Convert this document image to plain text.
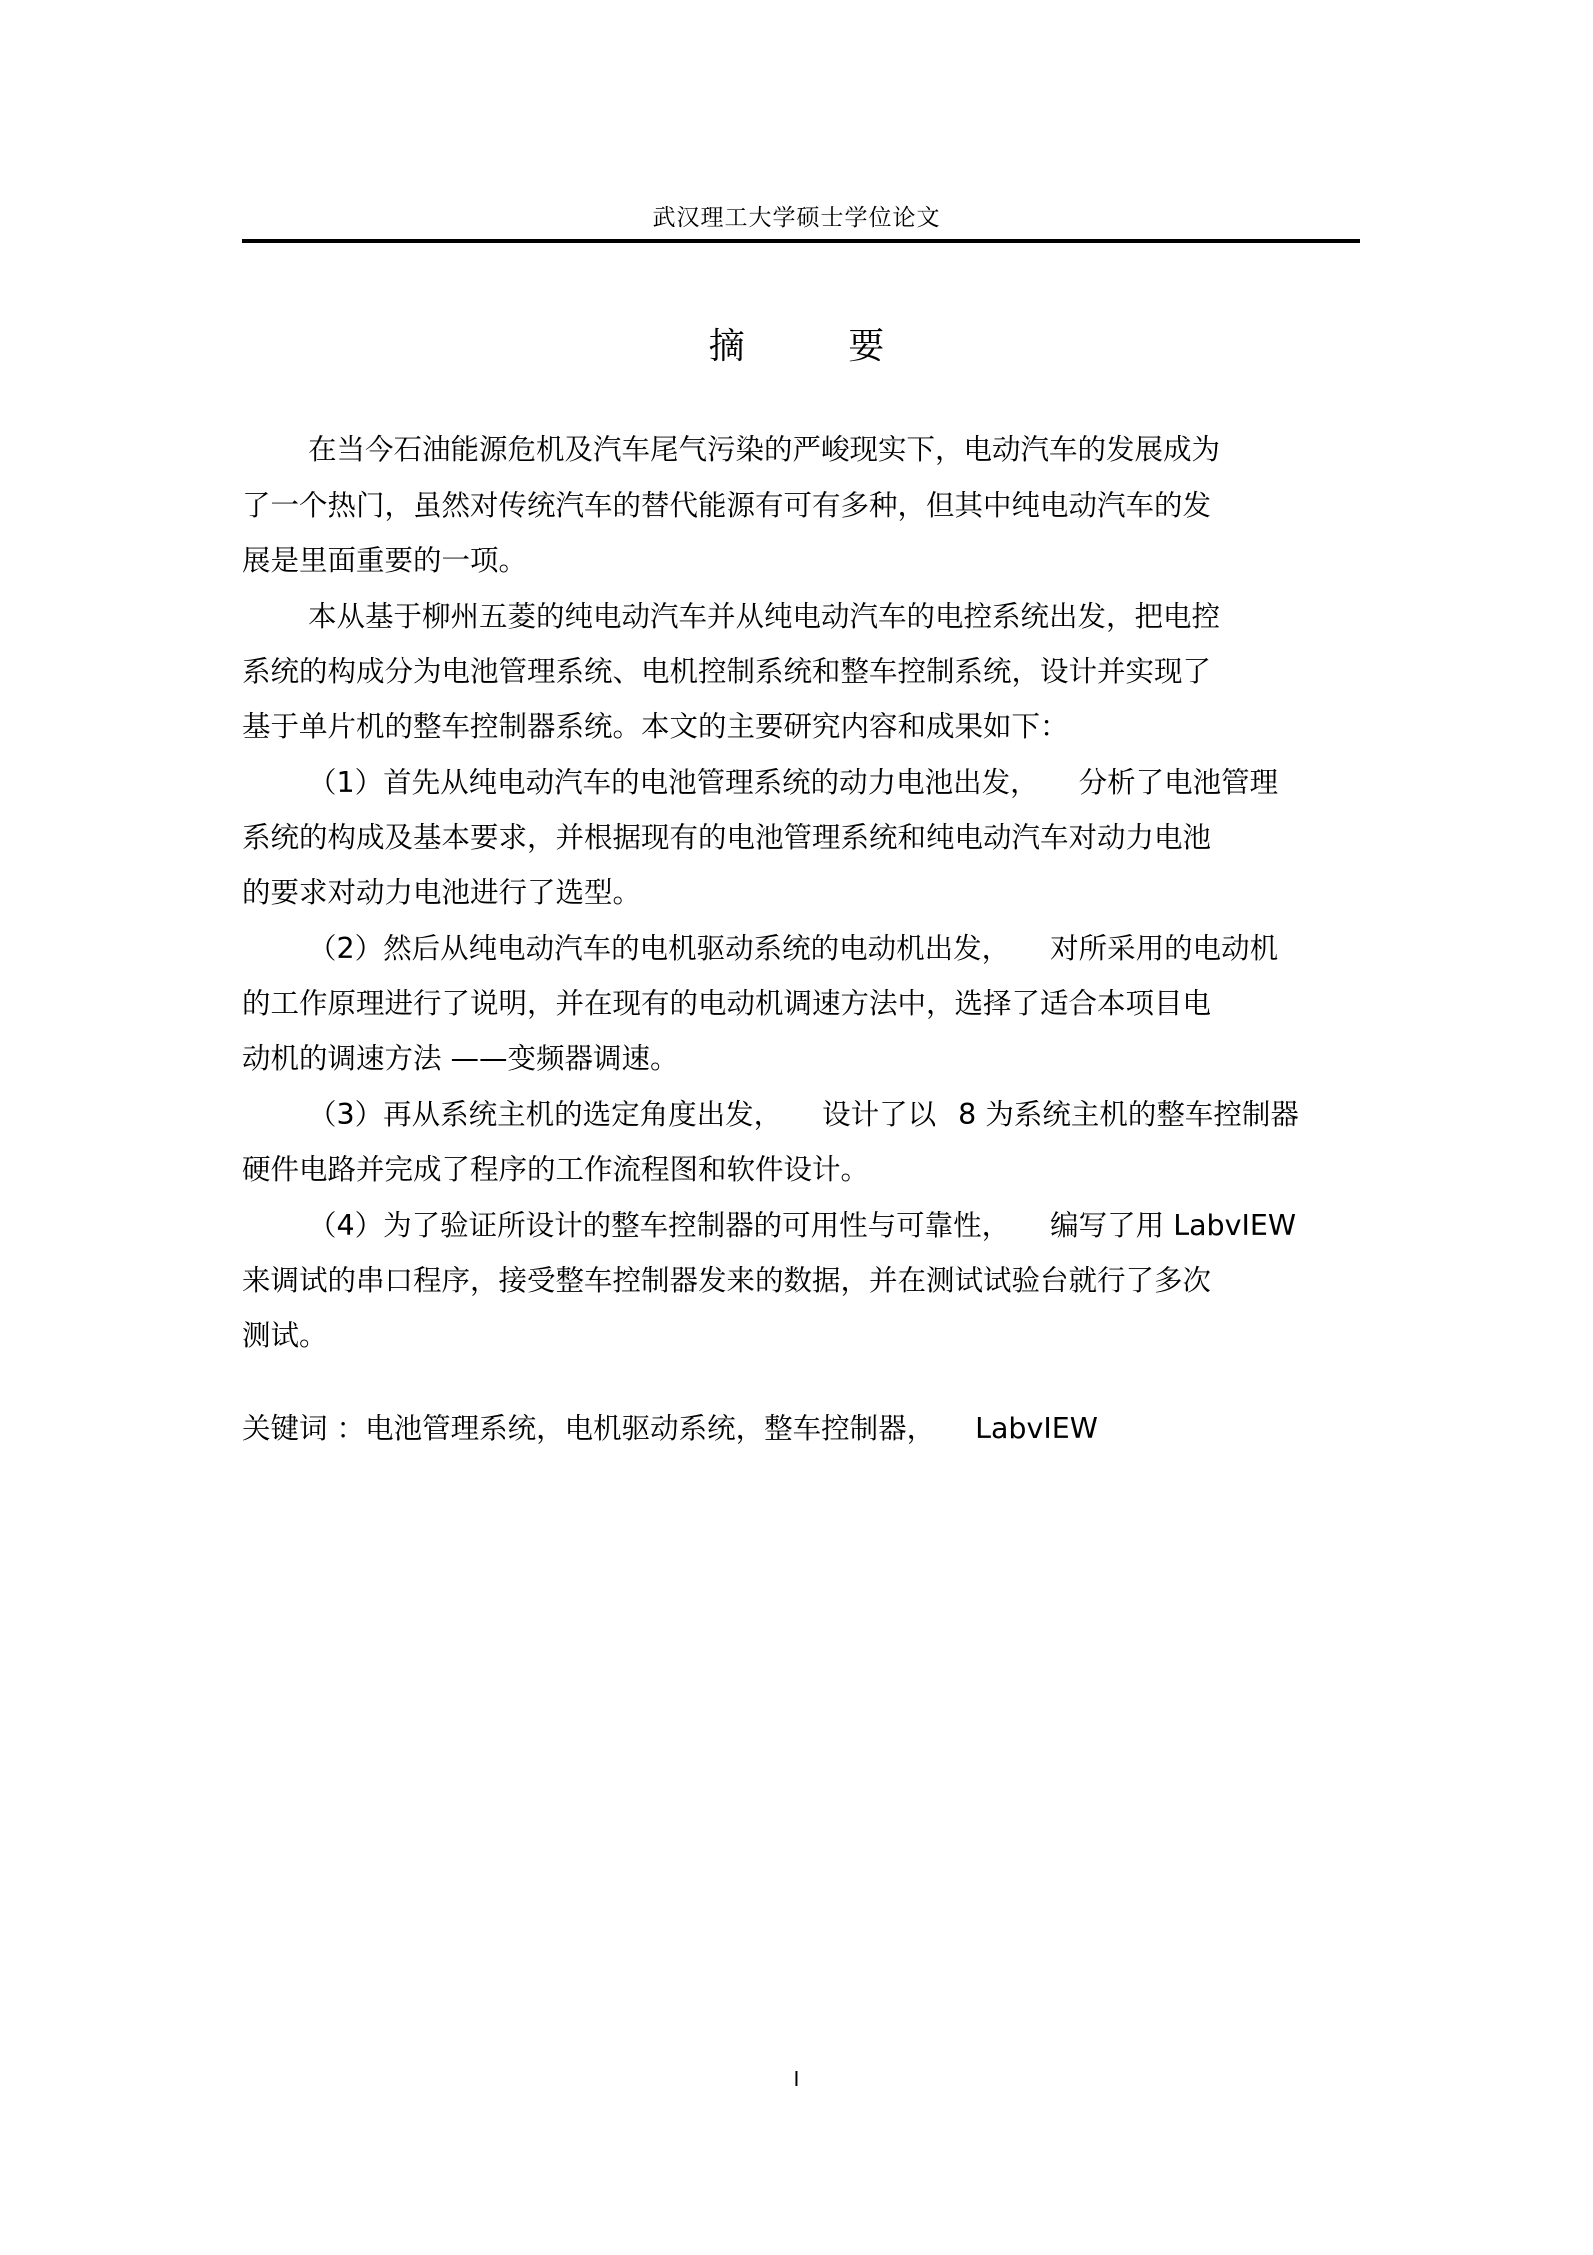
武汉理工大学硕士学位论文
摘 要
在当今石油能源危机及汽车尾气污染的严峻现实下，电动汽车的发展成为
了一个热门，虽然对传统汽车的替代能源有可有多种，但其中纯电动汽车的发
展是里面重要的一项。
本从基于柳州五菱的纯电动汽车并从纯电动汽车的电控系统出发，把电控
系统的构成分为电池管理系统、电机控制系统和整车控制系统，设计并实现了
基于单片机的整车控制器系统。本文的主要研究内容和成果如下：
（1）首先从纯电动汽车的电池管理系统的动力电池出发， 分析了电池管理
系统的构成及基本要求，并根据现有的电池管理系统和纯电动汽车对动力电池
的要求对动力电池进行了选型。
（2）然后从纯电动汽车的电机驱动系统的电动机出发， 对所采用的电动机
的工作原理进行了说明，并在现有的电动机调速方法中，选择了适合本项目电
动机的调速方法 ——变频器调速。
（3）再从系统主机的选定角度出发， 设计了以 8 为系统主机的整车控制器
硬件电路并完成了程序的工作流程图和软件设计。
（4）为了验证所设计的整车控制器的可用性与可靠性， 编写了用 LabvIEW
来调试的串口程序，接受整车控制器发来的数据，并在测试试验台就行了多次
测试。
关键词 ：电池管理系统，电机驱动系统，整车控制器， LabvIEW
I
